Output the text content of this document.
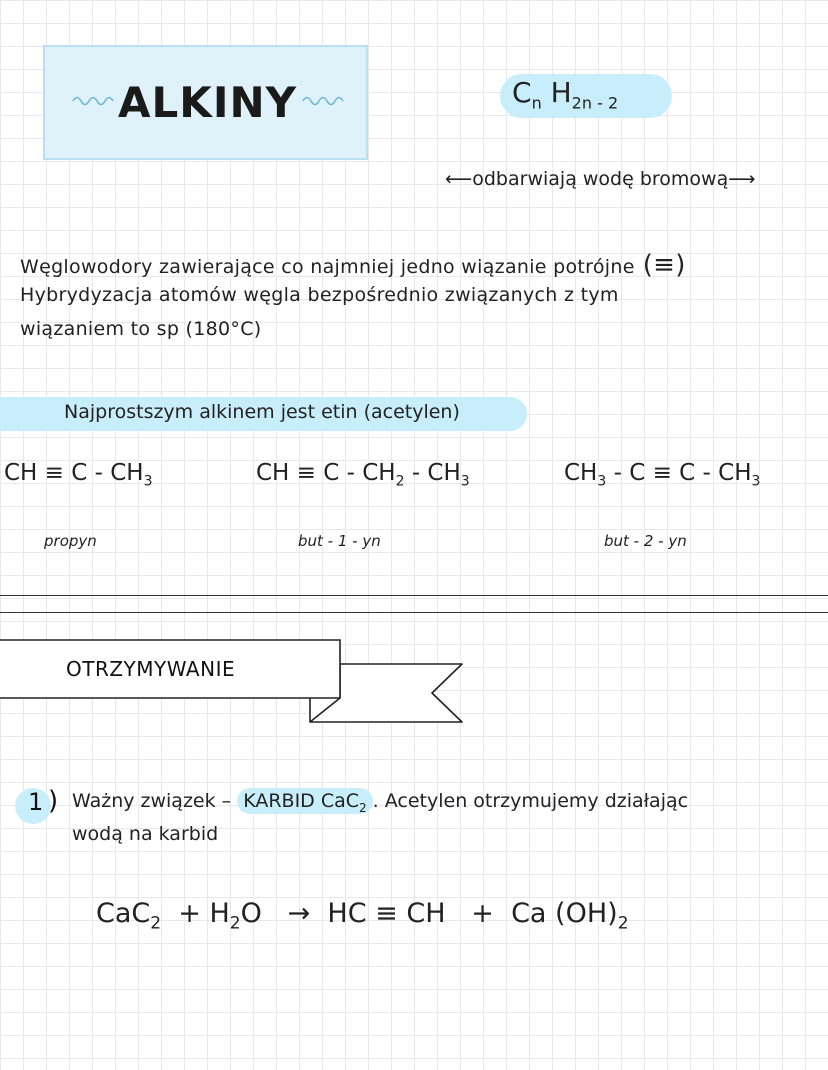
ALKINY	$C_n$ $H_{2n - 2}$
⟵odbarwiają wodę bromową⟶
Węglowodory zawierające co najmniej jedno wiązanie potrójne (≡)
Hybrydyzacja atomów węgla bezpośrednio związanych z tym
wiązaniem to sp (180°C)
Najprostszym alkinem jest etin (acetylen)
CH ≡ C - $CH_3$
propyn
CH ≡ C - $CH_2 - CH_3$
but - 1 - yn
$CH_3 - C \equiv C - CH_3$
but - 2 - yn
OTRZYMYWANIE
1 ) Ważny związek – KARBID CaC$_2$ . Acetylen otrzymujemy działając
wodą na karbid
$CaC_2 + H_2O$ → HC ≡ CH + Ca $(OH)_2$
